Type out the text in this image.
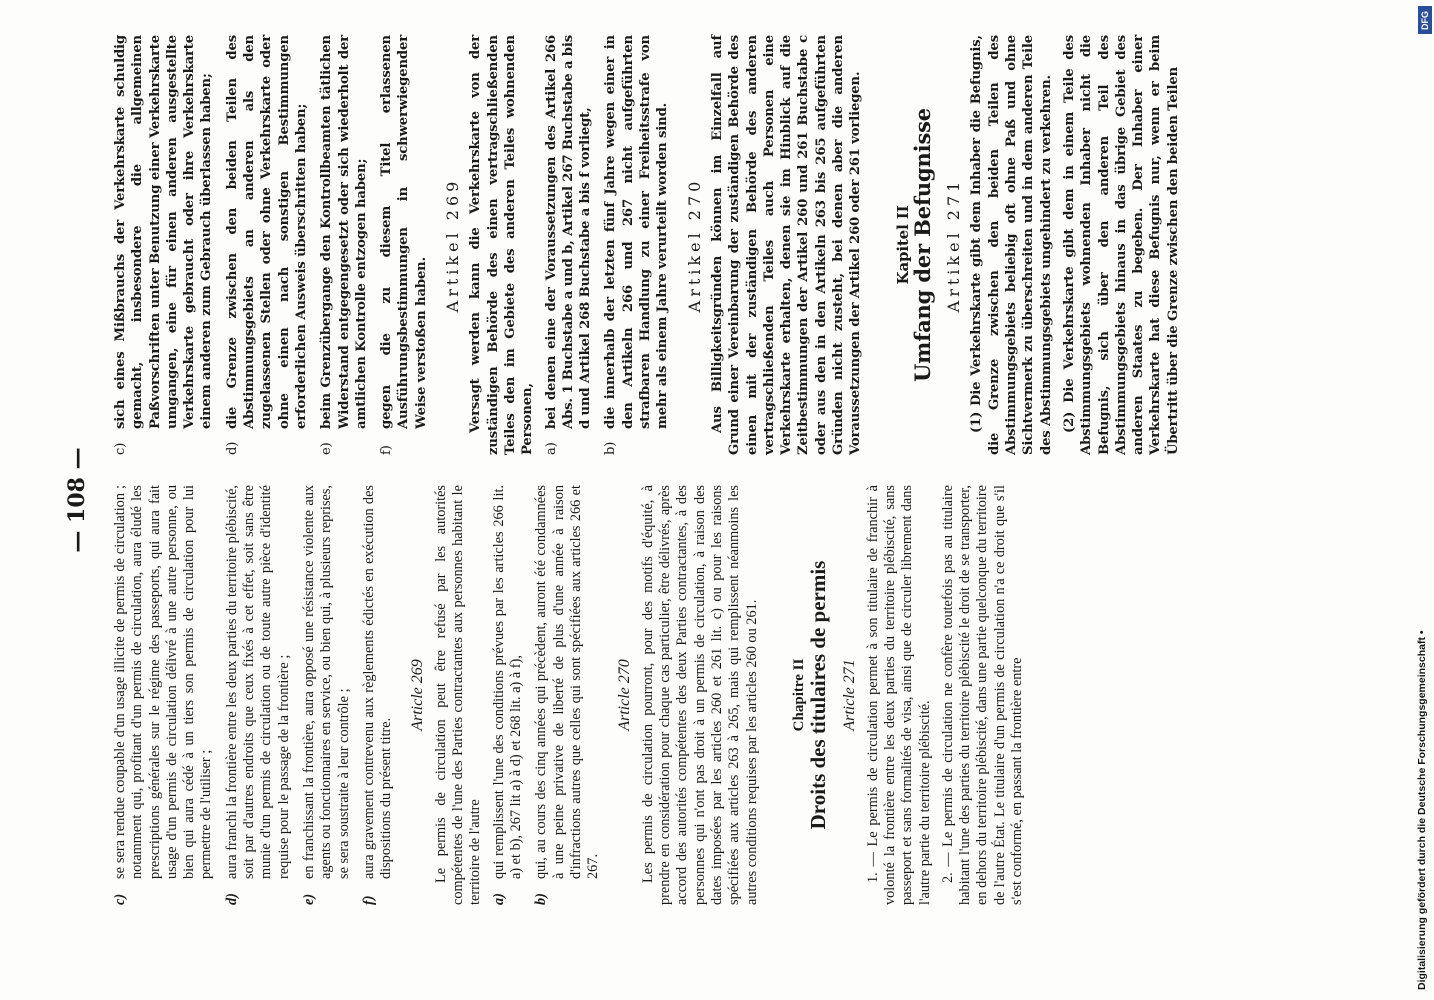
— 108 —
c)
se sera rendue coupable d'un usage illicite de permis de circulation ; notamment qui, profitant d'un permis de circulation, aura éludé les prescriptions générales sur le régime des passeports, qui aura fait usage d'un permis de circulation délivré à une autre personne, ou bien qui aura cédé à un tiers son permis de circulation pour lui permettre de l'utiliser ;
d)
aura franchi la frontière entre les deux parties du territoire plébiscité, soit par d'autres endroits que ceux fixés à cet effet, soit sans être munie d'un permis de circulation ou de toute autre pièce d'identité requise pour le passage de la frontière ;
e)
en franchissant la frontière, aura opposé une résistance violente aux agents ou fonctionnaires en service, ou bien qui, à plusieurs reprises, se sera soustraite à leur contrôle ;
f)
aura gravement contrevenu aux règlements édictés en exécution des dispositions du présent titre.
Article 269 Le permis de circulation peut être refusé par les autorités compétentes de l'une des Parties contractantes aux personnes habitant le territoire de l'autre a)
qui remplissent l'une des conditions prévues par les articles 266 lit. a) et b), 267 lit a) à d) et 268 lit. a) à f),
b)
qui, au cours des cinq années qui précèdent, auront été condamnées à une peine privative de liberté de plus d'une année à raison d'infractions autres que celles qui sont spécifiées aux articles 266 et 267.
Article 270 Les permis de circulation pourront, pour des motifs d'équité, à prendre en considération pour chaque cas particulier, être délivrés, après accord des autorités compétentes des deux Parties contractantes, à des personnes qui n'ont pas droit à un permis de circulation, à raison des dates imposées par les articles 260 et 261 lit. c) ou pour les raisons spécifiées aux articles 263 à 265, mais qui remplissent néanmoins les autres conditions requises par les articles 260 ou 261. Chapitre II Droits des titulaires de permis Article 271 1. — Le permis de circulation permet à son titulaire de franchir à volonté la frontière entre les deux parties du territoire plébiscité, sans passeport et sans formalités de visa, ainsi que de circuler librement dans l'autre partie du territoire plébiscité. 2. — Le permis de circulation ne confère toutefois pas au titulaire habitant l'une des parties du territoire plébiscité le droit de se transporter, en dehors du territoire plébiscité, dans une partie quelconque du territoire de l'autre État. Le titulaire d'un permis de circulation n'a ce droit que s'il s'est conformé, en passant la frontière entre
c)
sich eines Mißbrauchs der Verkehrskarte schuldig gemacht, insbesondere die allgemeinen Paßvorschriften unter Benutzung einer Verkehrskarte umgangen, eine für einen anderen ausgestellte Verkehrskarte gebraucht oder ihre Verkehrskarte einem anderen zum Gebrauch überlassen haben;
d)
die Grenze zwischen den beiden Teilen des Abstimmungsgebiets an anderen als den zugelassenen Stellen oder ohne Verkehrskarte oder ohne einen nach sonstigen Bestimmungen erforderlichen Ausweis überschritten haben;
e)
beim Grenzübergange den Kontrollbeamten tätlichen Widerstand entgegengesetzt oder sich wiederholt der amtlichen Kontrolle entzogen haben;
f)
gegen die zu diesem Titel erlassenen Ausführungsbestimmungen in schwerwiegender Weise verstoßen haben.
Artikel 269 Versagt werden kann die Verkehrskarte von der zuständigen Behörde des einen vertragschließenden Teiles den im Gebiete des anderen Teiles wohnenden Personen, a)
bei denen eine der Voraussetzungen des Artikel 266 Abs. 1 Buchstabe a und b, Artikel 267 Buchstabe a bis d und Artikel 268 Buchstabe a bis f vorliegt,
b)
die innerhalb der letzten fünf Jahre wegen einer in den Artikeln 266 und 267 nicht aufgeführten strafbaren Handlung zu einer Freiheitsstrafe von mehr als einem Jahre verurteilt worden sind. Artikel 270 Aus Billigkeitsgründen können im Einzelfall auf Grund einer Vereinbarung der zuständigen Behörde des einen mit der zuständigen Behörde des anderen vertragschließenden Teiles auch Personen eine Verkehrskarte erhalten, denen sie im Hinblick auf die Zeitbestimmungen der Artikel 260 und 261 Buchstabe c oder aus den in den Artikeln 263 bis 265 aufgeführten Gründen nicht zusteht, bei denen aber die anderen Voraussetzungen der Artikel 260 oder 261 vorliegen. Kapitel II
Umfang der Befugnisse Artikel 271 (1) Die Verkehrskarte gibt dem Inhaber die Befugnis, die Grenze zwischen den beiden Teilen des Abstimmungsgebiets beliebig oft ohne Paß und ohne Sichtvermerk zu überschreiten und in dem anderen Teile des Abstimmungsgebiets ungehindert zu verkehren. (2) Die Verkehrskarte gibt dem in einem Teile des Abstimmungsgebiets wohnenden Inhaber nicht die Befugnis, sich über den anderen Teil des Abstimmungsgebiets hinaus in das übrige Gebiet des anderen Staates zu begeben. Der Inhaber einer Verkehrskarte hat diese Befugnis nur, wenn er beim Übertritt über die Grenze zwischen den beiden Teilen
Digitalisierung gefördert durch die Deutsche Forschungsgemeinschaft •
DFG
